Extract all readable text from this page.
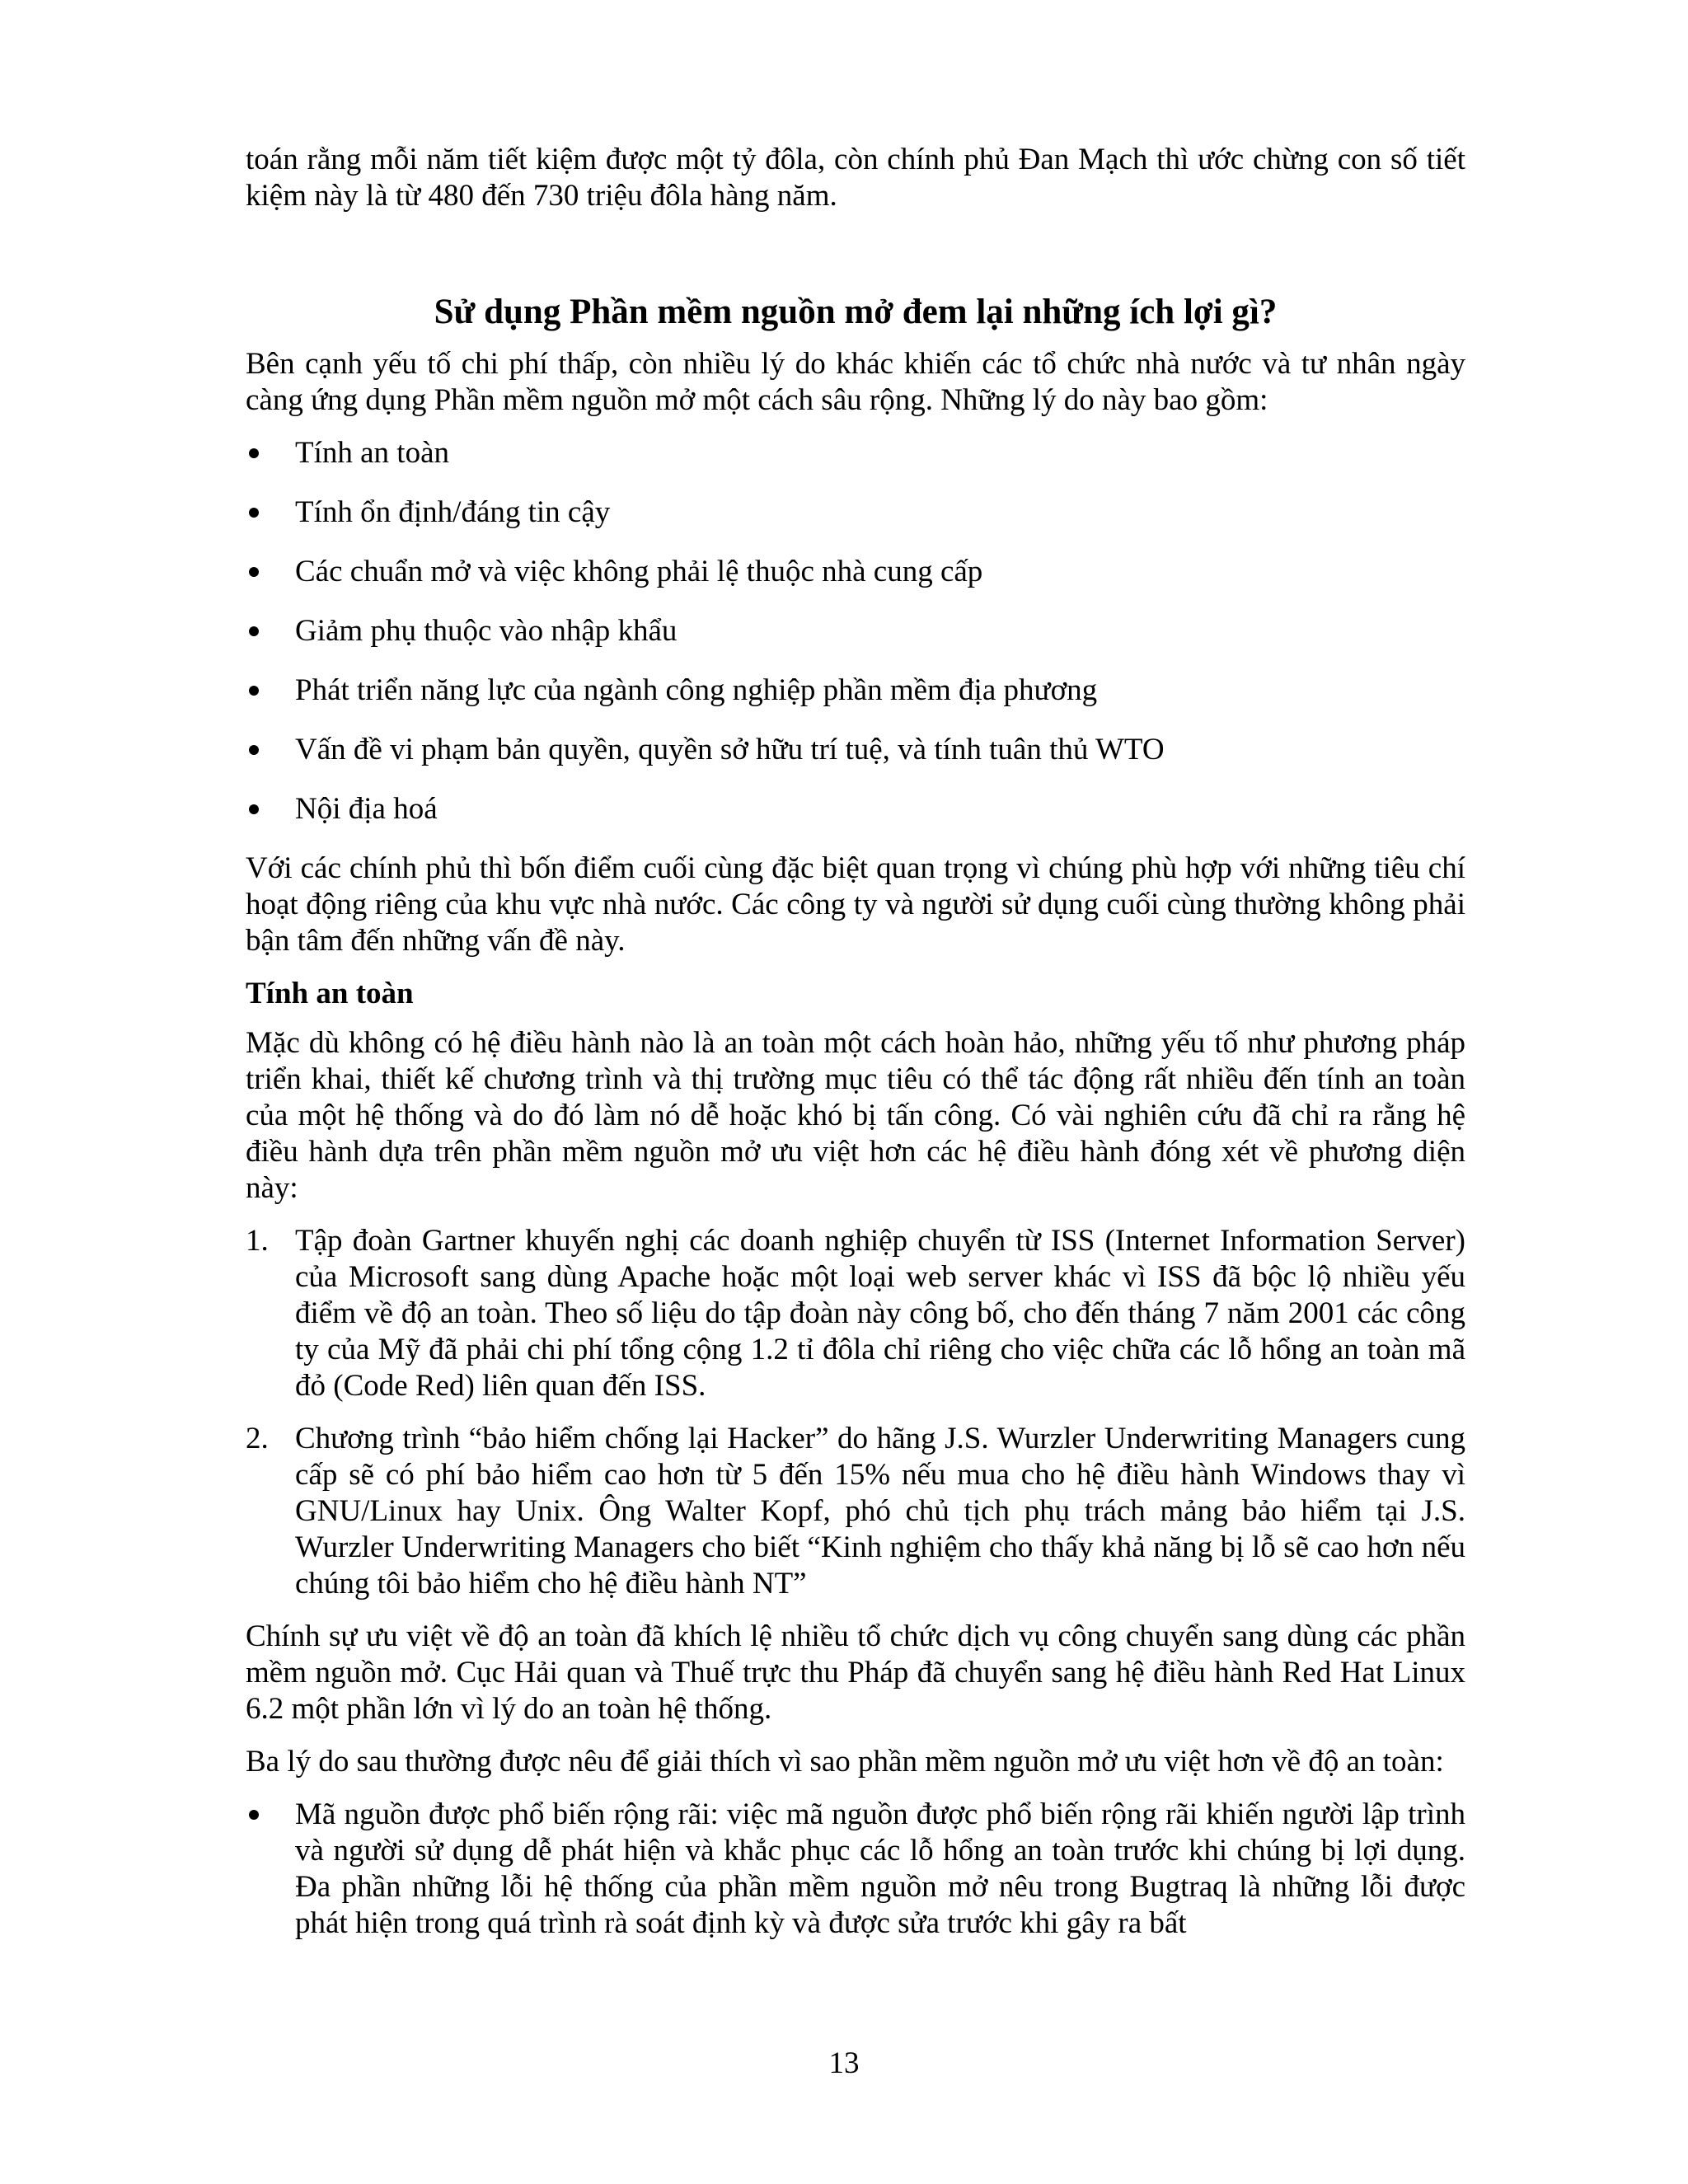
toán rằng mỗi năm tiết kiệm được một tỷ đôla, còn chính phủ Đan Mạch thì ước chừng con số tiết kiệm này là từ 480 đến 730 triệu đôla hàng năm.

Sử dụng Phần mềm nguồn mở đem lại những ích lợi gì?

Bên cạnh yếu tố chi phí thấp, còn nhiều lý do khác khiến các tổ chức nhà nước và tư nhân ngày càng ứng dụng Phần mềm nguồn mở một cách sâu rộng. Những lý do này bao gồm:

Tính an toàn
Tính ổn định/đáng tin cậy
Các chuẩn mở và việc không phải lệ thuộc nhà cung cấp
Giảm phụ thuộc vào nhập khẩu
Phát triển năng lực của ngành công nghiệp phần mềm địa phương
Vấn đề vi phạm bản quyền, quyền sở hữu trí tuệ, và tính tuân thủ WTO
Nội địa hoá

Với các chính phủ thì bốn điểm cuối cùng đặc biệt quan trọng vì chúng phù hợp với những tiêu chí hoạt động riêng của khu vực nhà nước. Các công ty và người sử dụng cuối cùng thường không phải bận tâm đến những vấn đề này.

Tính an toàn

Mặc dù không có hệ điều hành nào là an toàn một cách hoàn hảo, những yếu tố như phương pháp triển khai, thiết kế chương trình và thị trường mục tiêu có thể tác động rất nhiều đến tính an toàn của một hệ thống và do đó làm nó dễ hoặc khó bị tấn công. Có vài nghiên cứu đã chỉ ra rằng hệ điều hành dựa trên phần mềm nguồn mở ưu việt hơn các hệ điều hành đóng xét về phương diện này:

1. Tập đoàn Gartner khuyến nghị các doanh nghiệp chuyển từ ISS (Internet Information Server) của Microsoft sang dùng Apache hoặc một loại web server khác vì ISS đã bộc lộ nhiều yếu điểm về độ an toàn. Theo số liệu do tập đoàn này công bố, cho đến tháng 7 năm 2001 các công ty của Mỹ đã phải chi phí tổng cộng 1.2 tỉ đôla chỉ riêng cho việc chữa các lỗ hổng an toàn mã đỏ (Code Red) liên quan đến ISS.
2. Chương trình “bảo hiểm chống lại Hacker” do hãng J.S. Wurzler Underwriting Managers cung cấp sẽ có phí bảo hiểm cao hơn từ 5 đến 15% nếu mua cho hệ điều hành Windows thay vì GNU/Linux hay Unix. Ông Walter Kopf, phó chủ tịch phụ trách mảng bảo hiểm tại J.S. Wurzler Underwriting Managers cho biết “Kinh nghiệm cho thấy khả năng bị lỗ sẽ cao hơn nếu chúng tôi bảo hiểm cho hệ điều hành NT”

Chính sự ưu việt về độ an toàn đã khích lệ nhiều tổ chức dịch vụ công chuyển sang dùng các phần mềm nguồn mở. Cục Hải quan và Thuế trực thu Pháp đã chuyển sang hệ điều hành Red Hat Linux 6.2 một phần lớn vì lý do an toàn hệ thống.

Ba lý do sau thường được nêu để giải thích vì sao phần mềm nguồn mở ưu việt hơn về độ an toàn:

Mã nguồn được phổ biến rộng rãi: việc mã nguồn được phổ biến rộng rãi khiến người lập trình và người sử dụng dễ phát hiện và khắc phục các lỗ hổng an toàn trước khi chúng bị lợi dụng. Đa phần những lỗi hệ thống của phần mềm nguồn mở nêu trong Bugtraq là những lỗi được phát hiện trong quá trình rà soát định kỳ và được sửa trước khi gây ra bất
13
